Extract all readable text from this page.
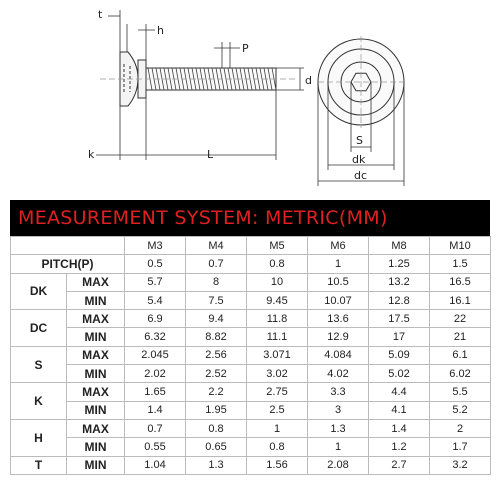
t
h
P
d
k	L
S
dk
dc
MEASUREMENT SYSTEM: METRIC(MM)
		M3	M4	M5	M6	M8	M10
PITCH(P)		0.5	0.7	0.8	1	1.25	1.5
DK	MAX	5.7	8	10	10.5	13.2	16.5
	MIN	5.4	7.5	9.45	10.07	12.8	16.1
DC	MAX	6.9	9.4	11.8	13.6	17.5	22
	MIN	6.32	8.82	11.1	12.9	17	21
S	MAX	2.045	2.56	3.071	4.084	5.09	6.1
	MIN	2.02	2.52	3.02	4.02	5.02	6.02
K	MAX	1.65	2.2	2.75	3.3	4.4	5.5
	MIN	1.4	1.95	2.5	3	4.1	5.2
H	MAX	0.7	0.8	1	1.3	1.4	2
	MIN	0.55	0.65	0.8	1	1.2	1.7
T	MIN	1.04	1.3	1.56	2.08	2.7	3.2
